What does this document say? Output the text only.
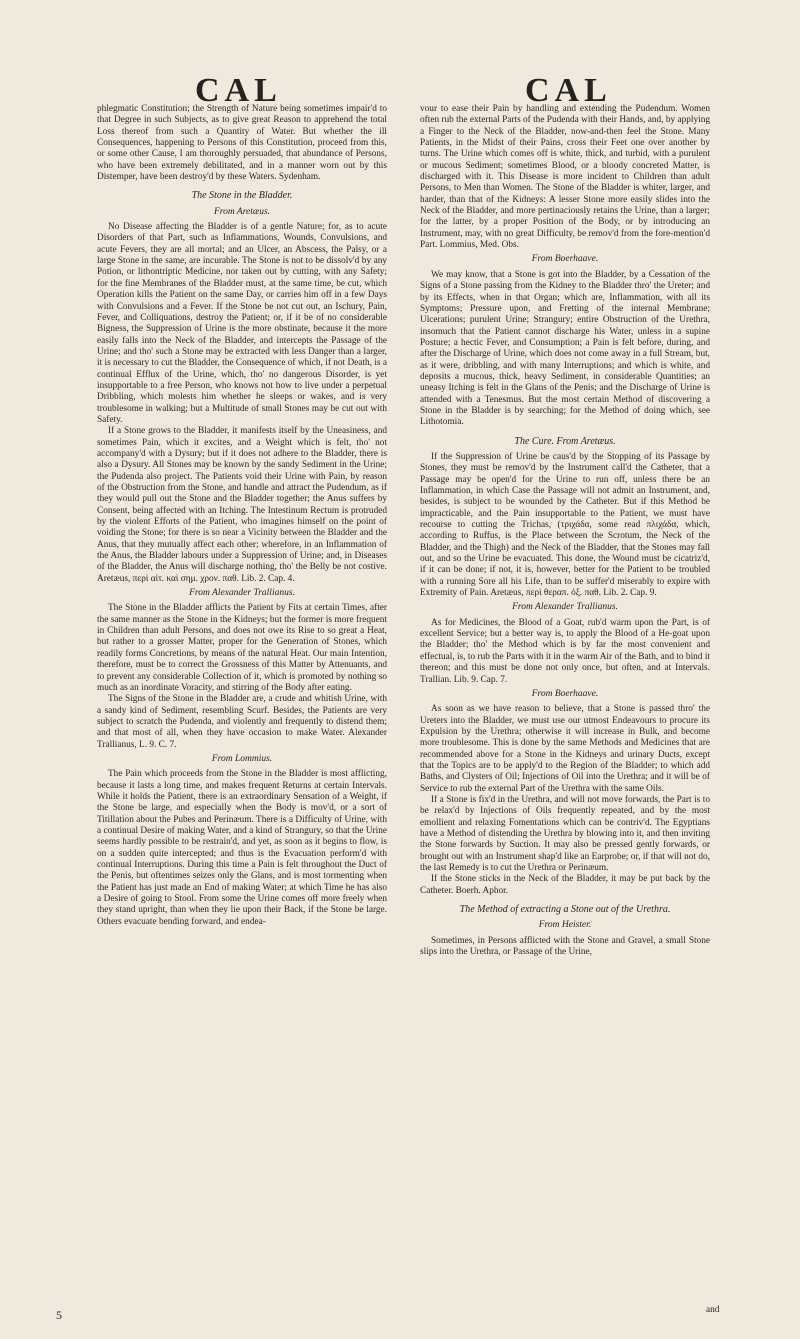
CAL	CAL

phlegmatic Constitution; the Strength of Nature being sometimes impair'd to that Degree in such Subjects, as to give great Reason to apprehend the total Loss thereof from such a Quantity of Water. But whether the ill Consequences, happening to Persons of this Constitution, proceed from this, or some other Cause, I am thoroughly persuaded, that abundance of Persons, who have been extremely debilitated, and in a manner worn out by this Distemper, have been destroy'd by these Waters. Sydenham.

The Stone in the Bladder.
From Aretæus.

No Disease affecting the Bladder is of a gentle Nature; for, as to acute Disorders of that Part, such as Inflammations, Wounds, Convulsions, and acute Fevers, they are all mortal; and an Ulcer, an Abscess, the Palsy, or a large Stone in the same, are incurable. The Stone is not to be dissolv'd by any Potion, or lithontriptic Medicine, nor taken out by cutting, with any Safety; for the fine Membranes of the Bladder must, at the same time, be cut, which Operation kills the Patient on the same Day, or carries him off in a few Days with Convulsions and a Fever. If the Stone be not cut out, an Ischury, Pain, Fever, and Colliquations, destroy the Patient; or, if it be of no considerable Bigness, the Suppression of Urine is the more obstinate, because it the more easily falls into the Neck of the Bladder, and intercepts the Passage of the Urine; and tho' such a Stone may be extracted with less Danger than a larger, it is necessary to cut the Bladder, the Consequence of which, if not Death, is a continual Efflux of the Urine, which, tho' no dangerous Disorder, is yet insupportable to a free Person, who knows not how to live under a perpetual Dribbling, which molests him whether he sleeps or wakes, and is very troublesome in walking; but a Multitude of small Stones may be cut out with Safety.

If a Stone grows to the Bladder, it manifests itself by the Uneasiness, and sometimes Pain, which it excites, and a Weight which is felt, tho' not accompany'd with a Dysury; but if it does not adhere to the Bladder, there is also a Dysury. All Stones may be known by the sandy Sediment in the Urine; the Pudenda also project. The Patients void their Urine with Pain, by reason of the Obstruction from the Stone, and handle and attract the Pudendum, as if they would pull out the Stone and the Bladder together; the Anus suffers by Consent, being affected with an Itching. The Intestinum Rectum is protruded by the violent Efforts of the Patient, who imagines himself on the point of voiding the Stone; for there is so near a Vicinity between the Bladder and the Anus, that they mutually affect each other; wherefore, in an Inflammation of the Anus, the Bladder labours under a Suppression of Urine; and, in Diseases of the Bladder, the Anus will discharge nothing, tho' the Belly be not costive. Aretæus, περὶ αἰτ. καὶ σημ. χρον. παθ. Lib. 2. Cap. 4.

From Alexander Trallianus.

The Stone in the Bladder afflicts the Patient by Fits at certain Times, after the same manner as the Stone in the Kidneys; but the former is more frequent in Children than adult Persons, and does not owe its Rise to so great a Heat, but rather to a grosser Matter, proper for the Generation of Stones, which readily forms Concretions, by means of the natural Heat. Our main Intention, therefore, must be to correct the Grossness of this Matter by Attenuants, and to prevent any considerable Collection of it, which is promoted by nothing so much as an inordinate Voracity, and stirring of the Body after eating.

The Signs of the Stone in the Bladder are, a crude and whitish Urine, with a sandy kind of Sediment, resembling Scurf. Besides, the Patients are very subject to scratch the Pudenda, and violently and frequently to distend them; and that most of all, when they have occasion to make Water. Alexander Trallianus, L. 9. C. 7.

From Lommius.

The Pain which proceeds from the Stone in the Bladder is most afflicting, because it lasts a long time, and makes frequent Returns at certain Intervals. While it holds the Patient, there is an extraordinary Sensation of a Weight, if the Stone be large, and especially when the Body is mov'd, or a sort of Titillation about the Pubes and Perinæum. There is a Difficulty of Urine, with a continual Desire of making Water, and a kind of Strangury, so that the Urine seems hardly possible to be restrain'd, and yet, as soon as it begins to flow, is on a sudden quite intercepted; and thus is the Evacuation perform'd with continual Interruptions. During this time a Pain is felt throughout the Duct of the Penis, but oftentimes seizes only the Glans, and is most tormenting when the Patient has just made an End of making Water; at which Time he has also a Desire of going to Stool. From some the Urine comes off more freely when they stand upright, than when they lie upon their Back, if the Stone be large. Others evacuate bending forward, and endea-

vour to ease their Pain by handling and extending the Pudendum. Women often rub the external Parts of the Pudenda with their Hands, and, by applying a Finger to the Neck of the Bladder, now-and-then feel the Stone. Many Patients, in the Midst of their Pains, cross their Feet one over another by turns. The Urine which comes off is white, thick, and turbid, with a purulent or mucous Sediment; sometimes Blood, or a bloody concreted Matter, is discharged with it. This Disease is more incident to Children than adult Persons, to Men than Women. The Stone of the Bladder is whiter, larger, and harder, than that of the Kidneys: A lesser Stone more easily slides into the Neck of the Bladder, and more pertinaciously retains the Urine, than a larger; for the latter, by a proper Position of the Body, or by introducing an Instrument, may, with no great Difficulty, be remov'd from the fore-mention'd Part. Lommius, Med. Obs.

From Boerhaave.

We may know, that a Stone is got into the Bladder, by a Cessation of the Signs of a Stone passing from the Kidney to the Bladder thro' the Ureter; and by its Effects, when in that Organ; which are, Inflammation, with all its Symptoms; Pressure upon, and Fretting of the internal Membrane; Ulcerations; purulent Urine; Strangury; entire Obstruction of the Urethra, insomuch that the Patient cannot discharge his Water, unless in a supine Posture; a hectic Fever, and Consumption; a Pain is felt before, during, and after the Discharge of Urine, which does not come away in a full Stream, but, as it were, dribbling, and with many Interruptions; and which is white, and deposits a mucous, thick, heavy Sediment, in considerable Quantities; an uneasy Itching is felt in the Glans of the Penis; and the Discharge of Urine is attended with a Tenesmus. But the most certain Method of discovering a Stone in the Bladder is by searching; for the Method of doing which, see Lithotomia.

The Cure. From Aretæus.

If the Suppression of Urine be caus'd by the Stopping of its Passage by Stones, they must be remov'd by the Instrument call'd the Catheter, that a Passage may be open'd for the Urine to run off, unless there be an Inflammation, in which Case the Passage will not admit an Instrument, and, besides, is subject to be wounded by the Catheter. But if this Method be impracticable, and the Pain insupportable to the Patient, we must have recourse to cutting the Trichas, (τριχάδα, some read πλιχάδα, which, according to Ruffus, is the Place between the Scrotum, the Neck of the Bladder, and the Thigh) and the Neck of the Bladder, that the Stones may fall out, and so the Urine be evacuated. This done, the Wound must be cicatriz'd, if it can be done; if not, it is, however, better for the Patient to be troubled with a running Sore all his Life, than to be suffer'd miserably to expire with Extremity of Pain. Aretæus, περὶ θεραπ. ὀξ. παθ. Lib. 2. Cap. 9.

From Alexander Trallianus.

As for Medicines, the Blood of a Goat, rub'd warm upon the Part, is of excellent Service; but a better way is, to apply the Blood of a He-goat upon the Bladder; tho' the Method which is by far the most convenient and effectual, is, to rub the Parts with it in the warm Air of the Bath, and to bind it thereon; and this must be done not only once, but often, and at Intervals. Trallian. Lib. 9. Cap. 7.

From Boerhaave.

As soon as we have reason to believe, that a Stone is passed thro' the Ureters into the Bladder, we must use our utmost Endeavours to procure its Expulsion by the Urethra; otherwise it will increase in Bulk, and become more troublesome. This is done by the same Methods and Medicines that are recommended above for a Stone in the Kidneys and urinary Ducts, except that the Topics are to be apply'd to the Region of the Bladder; to which add Baths, and Clysters of Oil; Injections of Oil into the Urethra; and it will be of Service to rub the external Part of the Urethra with the same Oils.

If a Stone is fix'd in the Urethra, and will not move forwards, the Part is to be relax'd by Injections of Oils frequently repeated, and by the most emollient and relaxing Fomentations which can be contriv'd. The Egyptians have a Method of distending the Urethra by blowing into it, and then inviting the Stone forwards by Suction. It may also be pressed gently forwards, or brought out with an Instrument shap'd like an Earprobe; or, if that will not do, the last Remedy is to cut the Urethra or Perinæum.

If the Stone sticks in the Neck of the Bladder, it may be put back by the Catheter. Boerh. Aphor.

The Method of extracting a Stone out of the Urethra.
From Heister.

Sometimes, in Persons afflicted with the Stone and Gravel, a small Stone slips into the Urethra, or Passage of the Urine,

5	and
